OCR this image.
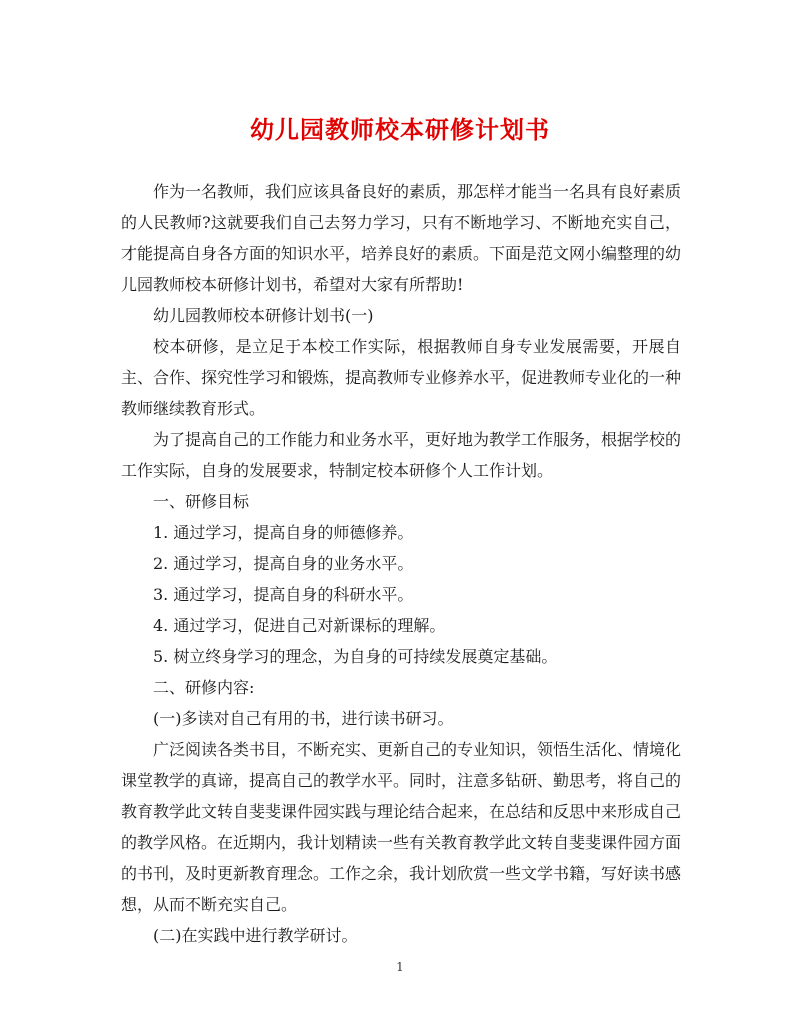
幼儿园教师校本研修计划书

作为一名教师，我们应该具备良好的素质，那怎样才能当一名具有良好素质的人民教师?这就要我们自己去努力学习，只有不断地学习、不断地充实自己，才能提高自身各方面的知识水平，培养良好的素质。下面是范文网小编整理的幼儿园教师校本研修计划书，希望对大家有所帮助!

幼儿园教师校本研修计划书(一)

校本研修，是立足于本校工作实际，根据教师自身专业发展需要，开展自主、合作、探究性学习和锻炼，提高教师专业修养水平，促进教师专业化的一种教师继续教育形式。

为了提高自己的工作能力和业务水平，更好地为教学工作服务，根据学校的工作实际，自身的发展要求，特制定校本研修个人工作计划。

一、研修目标

1. 通过学习，提高自身的师德修养。

2. 通过学习，提高自身的业务水平。

3. 通过学习，提高自身的科研水平。

4. 通过学习，促进自己对新课标的理解。

5. 树立终身学习的理念，为自身的可持续发展奠定基础。

二、研修内容:

(一)多读对自己有用的书，进行读书研习。

广泛阅读各类书目，不断充实、更新自己的专业知识，领悟生活化、情境化课堂教学的真谛，提高自己的教学水平。同时，注意多钻研、勤思考，将自己的教育教学此文转自斐斐课件园实践与理论结合起来，在总结和反思中来形成自己的教学风格。在近期内，我计划精读一些有关教育教学此文转自斐斐课件园方面的书刊，及时更新教育理念。工作之余，我计划欣赏一些文学书籍，写好读书感想，从而不断充实自己。

(二)在实践中进行教学研讨。

1
